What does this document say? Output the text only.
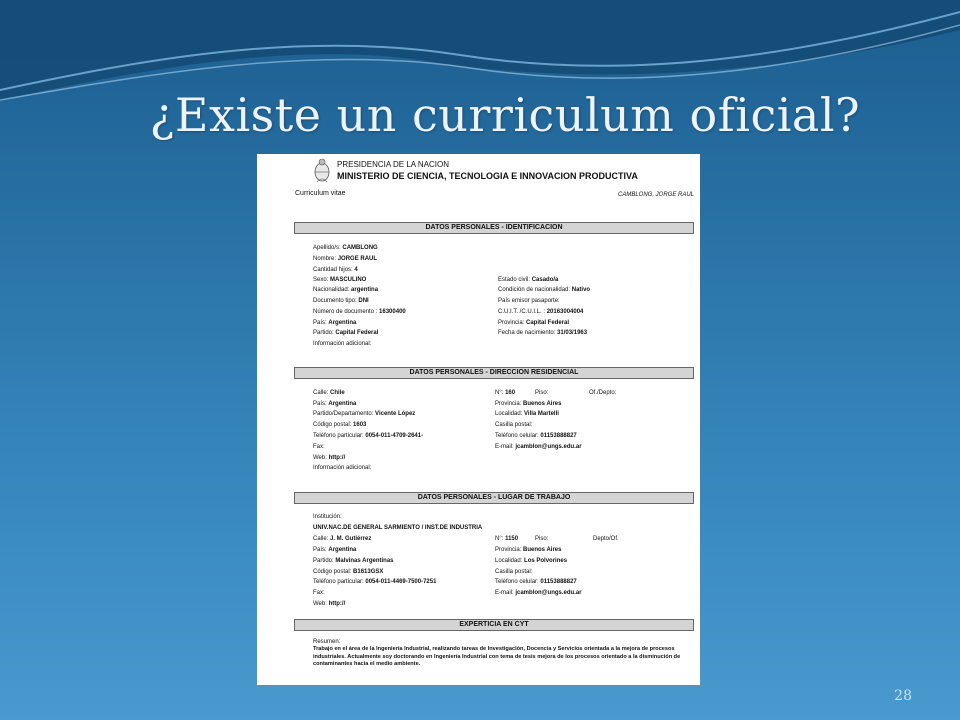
¿Existe un curriculum oficial?
PRESIDENCIA DE LA NACION
MINISTERIO DE CIENCIA, TECNOLOGIA E INNOVACION PRODUCTIVA
Curriculum vitae	CAMBLONG, JORGE RAUL
DATOS PERSONALES - IDENTIFICACION
Apellido/s: CAMBLONG
Nombre: JORGE RAUL
Cantidad hijos: 4
Sexo: MASCULINO	Estado civil: Casado/a
Nacionalidad: argentina	Condición de nacionalidad: Nativo
Documento tipo: DNI	País emisor pasaporte:
Número de documento : 16300400	C.U.I.T. /C.U.I.L. : 20163004004
País: Argentina	Provincia: Capital Federal
Partido: Capital Federal	Fecha de nacimiento: 31/03/1963
Información adicional:
DATOS PERSONALES - DIRECCION RESIDENCIAL
Calle: Chile	N°: 160	Piso:	Of./Depto:
País: Argentina	Provincia: Buenos Aires
Partido/Departamento: Vicente López	Localidad: Villa Martelli
Código postal: 1603	Casilla postal:
Teléfono particular: 0054-011-4709-2641-	Teléfono celular: 01153888827
Fax:	E-mail: jcamblon@ungs.edu.ar
Web: http://
Información adicional:
DATOS PERSONALES - LUGAR DE TRABAJO
Institución:
UNIV.NAC.DE GENERAL SARMIENTO / INST.DE INDUSTRIA
Calle: J. M. Gutiérrez	N°: 1150	Piso:	Depto/Of.
País: Argentina	Provincia: Buenos Aires
Partido: Malvinas Argentinas	Localidad: Los Polvorines
Código postal: B1613GSX	Casilla postal:
Teléfono particular: 0054-011-4469-7500-7251	Teléfono celular: 01153888827
Fax:	E-mail: jcamblon@ungs.edu.ar
Web: http://
EXPERTICIA EN CYT
Resumen:
Trabajo en el área de la Ingeniería Industrial, realizando tareas de Investigación, Docencia y Servicios orientada a la mejora de procesos industriales. Actualmente soy doctorando en Ingeniería Industrial con tema de tesis mejora de los procesos orientado a la disminución de contaminantes hacia el medio ambiente.
28
